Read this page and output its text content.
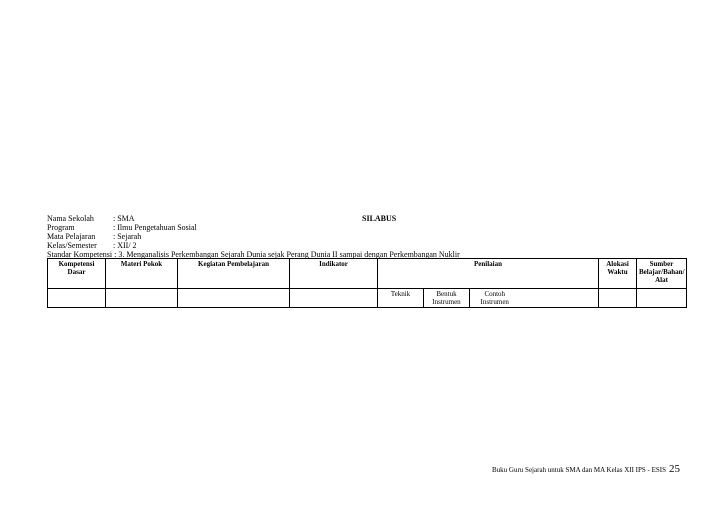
Nama Sekolah : SMA
Program	: Ilmu Pengetahuan Sosial
Mata Pelajaran : Sejarah
Kelas/Semester : XII/ 2
SILABUS
Standar Kompetensi : 3. Menganalisis Perkembangan Sejarah Dunia sejak Perang Dunia II sampai dengan Perkembangan Nuklir
Kompetensi Dasar	Materi Pokok	Kegiatan Pembelajaran	Indikator	Penilaian				Alokasi Waktu	Sumber Belajar/Bahan/ Alat
				Teknik	Bentuk Instrumen	Contoh Instrumen			
Buku Guru Sejarah untuk SMA dan MA Kelas XII IPS - ESIS 25
